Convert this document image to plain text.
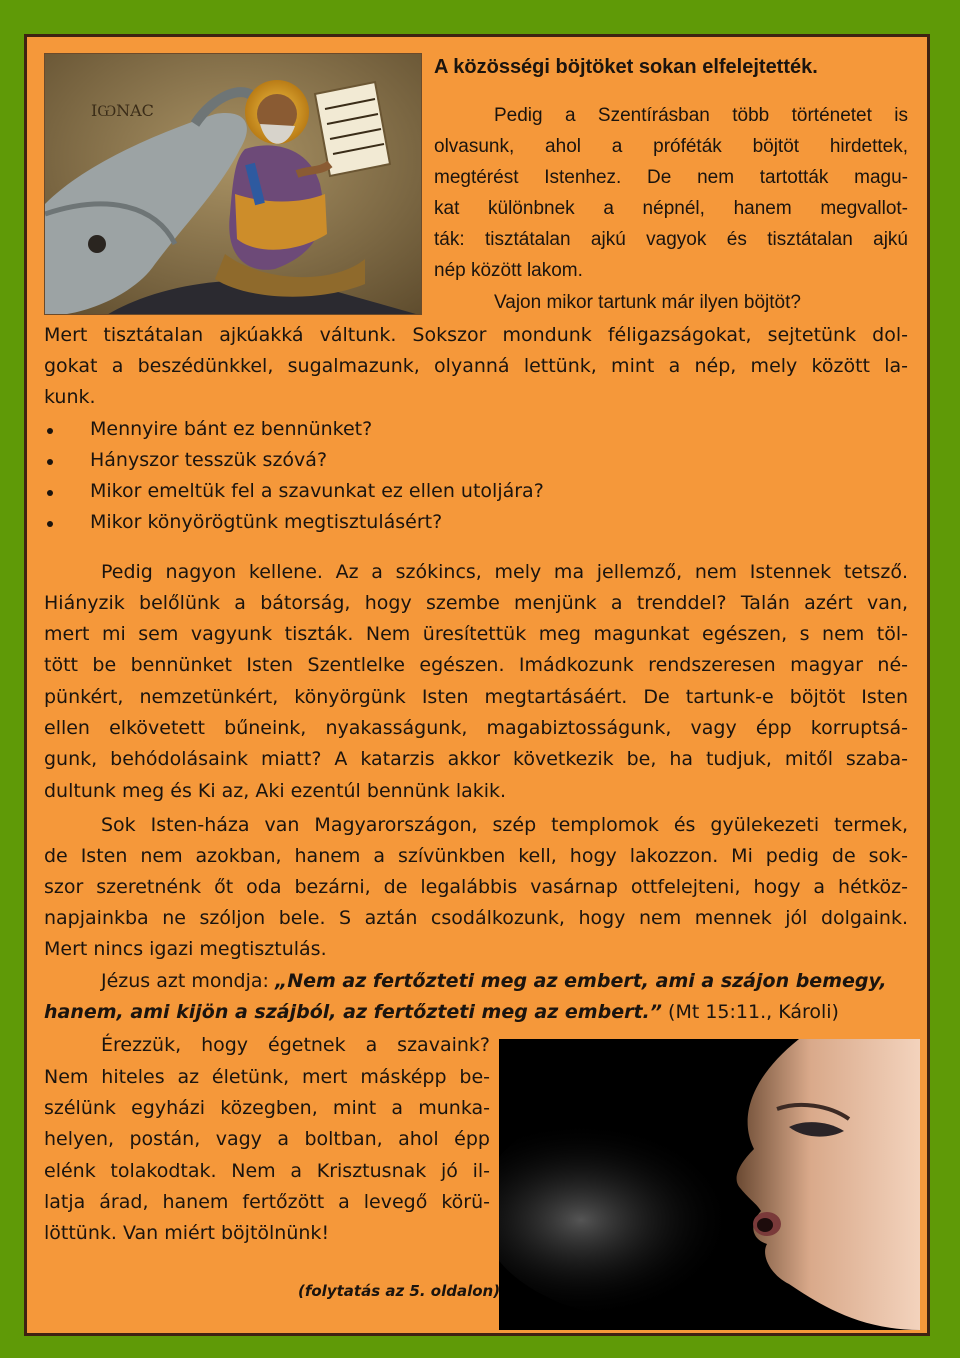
ІѠNAC

A közösségi böjtöket sokan elfelejtették.

Pedig a Szentírásban több történetet is

olvasunk, ahol a próféták böjtöt hirdettek,

megtérést Istenhez. De nem tartották magu-

kat különbnek a népnél, hanem megvallot-

ták: tisztátalan ajkú vagyok és tisztátalan ajkú

nép között lakom.

Vajon mikor tartunk már ilyen böjtöt?

Mert tisztátalan ajkúakká váltunk. Sokszor mondunk féligazságokat, sejtetünk dol-

gokat a beszédünkkel, sugalmazunk, olyanná lettünk, mint a nép, mely között la-

kunk.

Mennyire bánt ez bennünket?

Hányszor tesszük szóvá?

Mikor emeltük fel a szavunkat ez ellen utoljára?

Mikor könyörögtünk megtisztulásért?

Pedig nagyon kellene. Az a szókincs, mely ma jellemző, nem Istennek tetsző.

Hiányzik belőlünk a bátorság, hogy szembe menjünk a trenddel? Talán azért van,

mert mi sem vagyunk tiszták. Nem üresítettük meg magunkat egészen, s nem töl-

tött be bennünket Isten Szentlelke egészen. Imádkozunk rendszeresen magyar né-

pünkért, nemzetünkért, könyörgünk Isten megtartásáért. De tartunk-e böjtöt Isten

ellen elkövetett bűneink, nyakasságunk, magabiztosságunk, vagy épp korruptsá-

gunk, behódolásaink miatt? A katarzis akkor következik be, ha tudjuk, mitől szaba-

dultunk meg és Ki az, Aki ezentúl bennünk lakik.

Sok Isten-háza van Magyarországon, szép templomok és gyülekezeti termek,

de Isten nem azokban, hanem a szívünkben kell, hogy lakozzon. Mi pedig de sok-

szor szeretnénk őt oda bezárni, de legalábbis vasárnap ottfelejteni, hogy a hétköz-

napjainkba ne szóljon bele. S aztán csodálkozunk, hogy nem mennek jól dolgaink.

Mert nincs igazi megtisztulás.

Jézus azt mondja: „Nem az fertőzteti meg az embert, ami a szájon bemegy,

hanem, ami kijön a szájból, az fertőzteti meg az embert.” (Mt 15:11., Károli)

Érezzük, hogy égetnek a szavaink?

Nem hiteles az életünk, mert másképp be-

szélünk egyházi közegben, mint a munka-

helyen, postán, vagy a boltban, ahol épp

elénk tolakodtak. Nem a Krisztusnak jó il-

latja árad, hanem fertőzött a levegő körü-

löttünk. Van miért böjtölnünk!

(folytatás az 5. oldalon)
